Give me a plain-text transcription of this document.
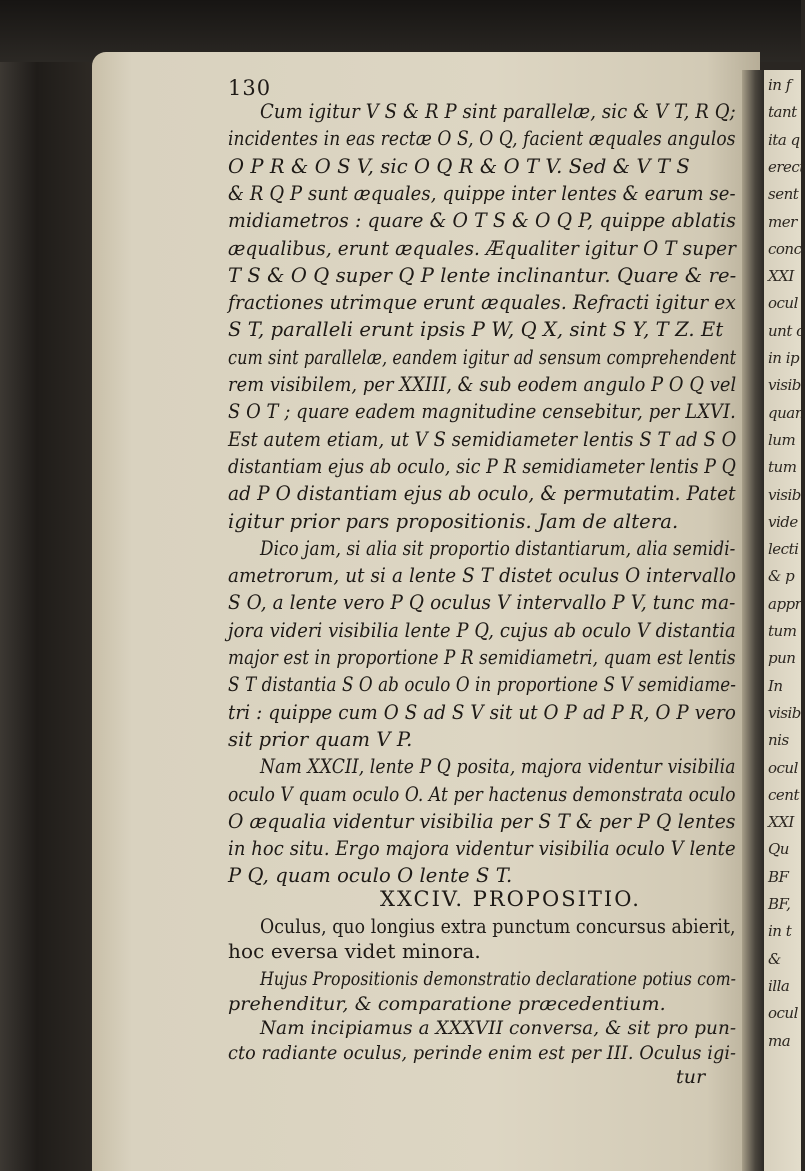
in f
tant
ita q
erect
sent
mer
conc
XXI
ocul
unt c
in ip
visibi
quan
lum
tum
visib
vide
lecti
& p
appr
tum
pun
In
visib
nis
ocul
cent
XXI
Qu
BF
BF,
in t
&
illa
ocul
ma
130
Cum igitur V S & R P sint parallelæ, sic & V T, R Q;
incidentes in eas rectæ O S, O Q, facient æquales angulos
O P R & O S V, sic O Q R & O T V. Sed & V T S
& R Q P sunt æquales, quippe inter lentes & earum se-
midiametros : quare & O T S & O Q P, quippe ablatis
æqualibus, erunt æquales. Æqualiter igitur O T super
T S & O Q super Q P lente inclinantur. Quare & re-
fractiones utrimque erunt æquales. Refracti igitur ex
S T, paralleli erunt ipsis P W, Q X, sint S Y, T Z. Et
cum sint parallelæ, eandem igitur ad sensum comprehendent
rem visibilem, per XXIII, & sub eodem angulo P O Q vel
S O T ; quare eadem magnitudine censebitur, per LXVI.
Est autem etiam, ut V S semidiameter lentis S T ad S O
distantiam ejus ab oculo, sic P R semidiameter lentis P Q
ad P O distantiam ejus ab oculo, & permutatim. Patet
igitur prior pars propositionis. Jam de altera.
Dico jam, si alia sit proportio distantiarum, alia semidi-
ametrorum, ut si a lente S T distet oculus O intervallo
S O, a lente vero P Q oculus V intervallo P V, tunc ma-
jora videri visibilia lente P Q, cujus ab oculo V distantia
major est in proportione P R semidiametri, quam est lentis
S T distantia S O ab oculo O in proportione S V semidiame-
tri : quippe cum O S ad S V sit ut O P ad P R, O P vero
sit prior quam V P.
Nam XXCII, lente P Q posita, majora videntur visibilia
oculo V quam oculo O. At per hactenus demonstrata oculo
O æqualia videntur visibilia per S T & per P Q lentes
in hoc situ. Ergo majora videntur visibilia oculo V lente
P Q, quam oculo O lente S T.
XXCIV. PROPOSITIO.
Oculus, quo longius extra punctum concursus abierit,
hoc eversa videt minora.
Hujus Propositionis demonstratio declaratione potius com-
prehenditur, & comparatione præcedentium.
Nam incipiamus a XXXVII conversa, & sit pro pun-
cto radiante oculus, perinde enim est per III. Oculus igi-
tur
